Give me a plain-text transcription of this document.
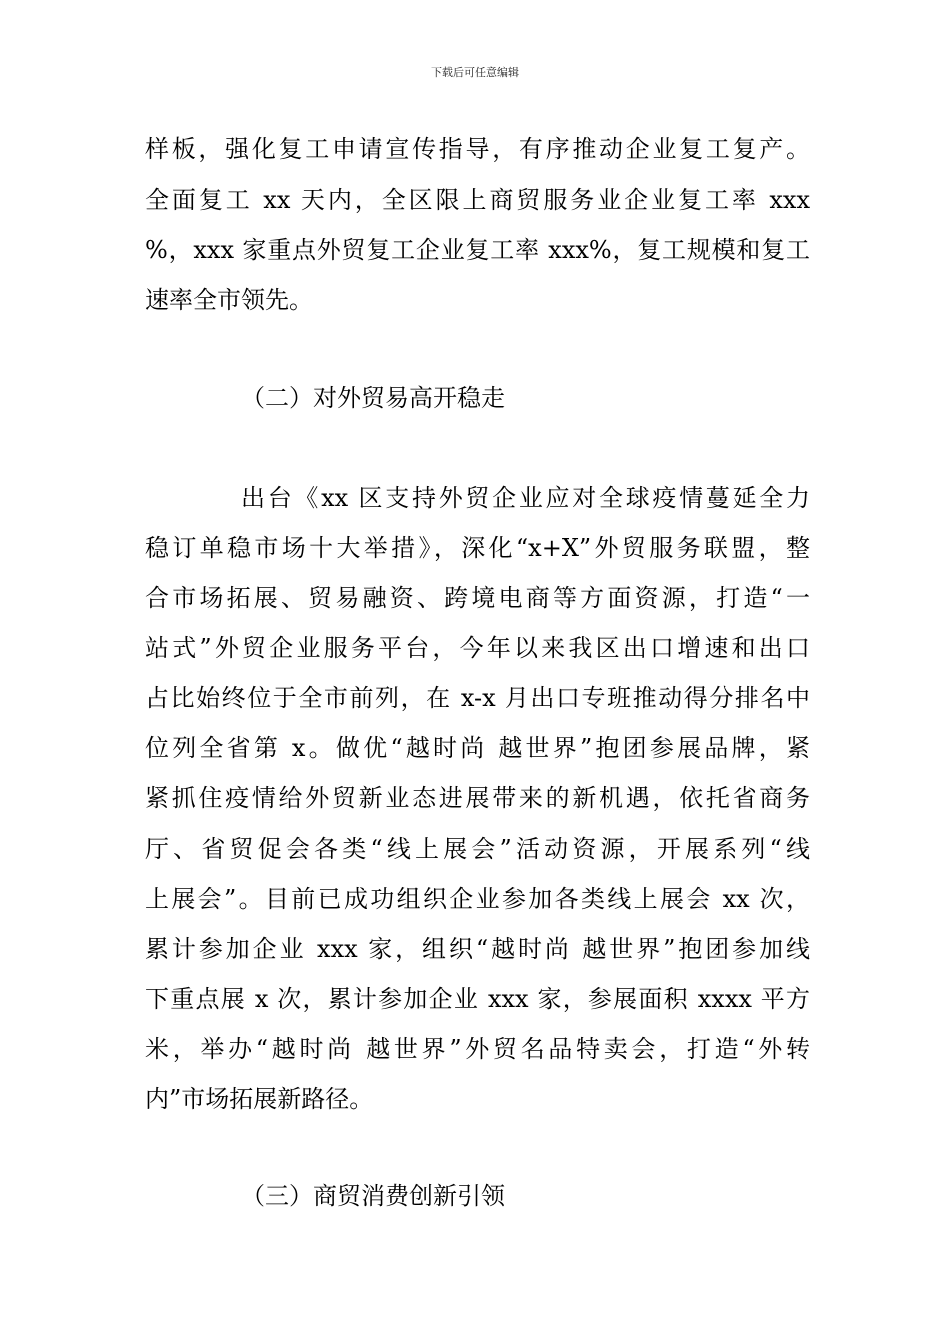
下载后可任意编辑
样板，强化复工申请宣传指导，有序推动企业复工复产。
全面复工 xx 天内，全区限上商贸服务业企业复工率 xxx
%，xxx 家重点外贸复工企业复工率 xxx%，复工规模和复工
速率全市领先。
（二）对外贸易高开稳走
出台《xx 区支持外贸企业应对全球疫情蔓延全力
稳订单稳市场十大举措》，深化“x+X”外贸服务联盟，整
合市场拓展、贸易融资、跨境电商等方面资源，打造“一
站式”外贸企业服务平台，今年以来我区出口增速和出口
占比始终位于全市前列，在 x-x 月出口专班推动得分排名中
位列全省第 x。做优“越时尚 越世界”抱团参展品牌，紧
紧抓住疫情给外贸新业态进展带来的新机遇，依托省商务
厅、省贸促会各类“线上展会”活动资源，开展系列“线
上展会”。目前已成功组织企业参加各类线上展会 xx 次，
累计参加企业 xxx 家，组织“越时尚 越世界”抱团参加线
下重点展 x 次，累计参加企业 xxx 家，参展面积 xxxx 平方
米，举办“越时尚 越世界”外贸名品特卖会，打造“外转
内”市场拓展新路径。
（三）商贸消费创新引领
